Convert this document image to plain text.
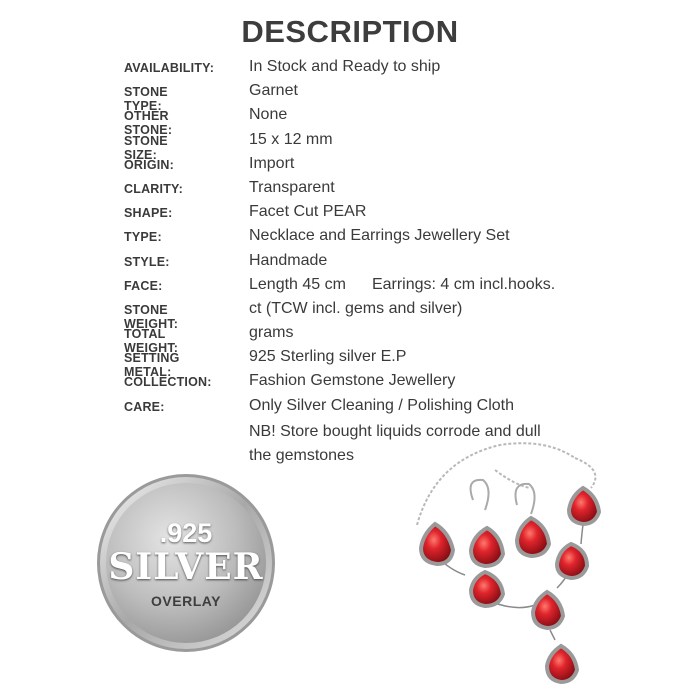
DESCRIPTION
AVAILABILITY: In Stock and Ready to ship
STONE TYPE:
Garnet
OTHER STONE:
None
STONE SIZE:
15 x 12 mm
ORIGIN:	Import
CLARITY:	Transparent
SHAPE:	Facet Cut PEAR
TYPE:	Necklace and Earrings Jewellery Set
STYLE:	Handmade
FACE:	Length 45 cm Earrings: 4 cm incl.hooks.
STONE WEIGHT:
ct (TCW incl. gems and silver)
TOTAL WEIGHT:
grams
SETTING METAL:
925 Sterling silver E.P
COLLECTION: Fashion Gemstone Jewellery
CARE:	Only Silver Cleaning / Polishing Cloth
NB! Store bought liquids corrode and dull
the gemstones
.925
SILVER
OVERLAY
